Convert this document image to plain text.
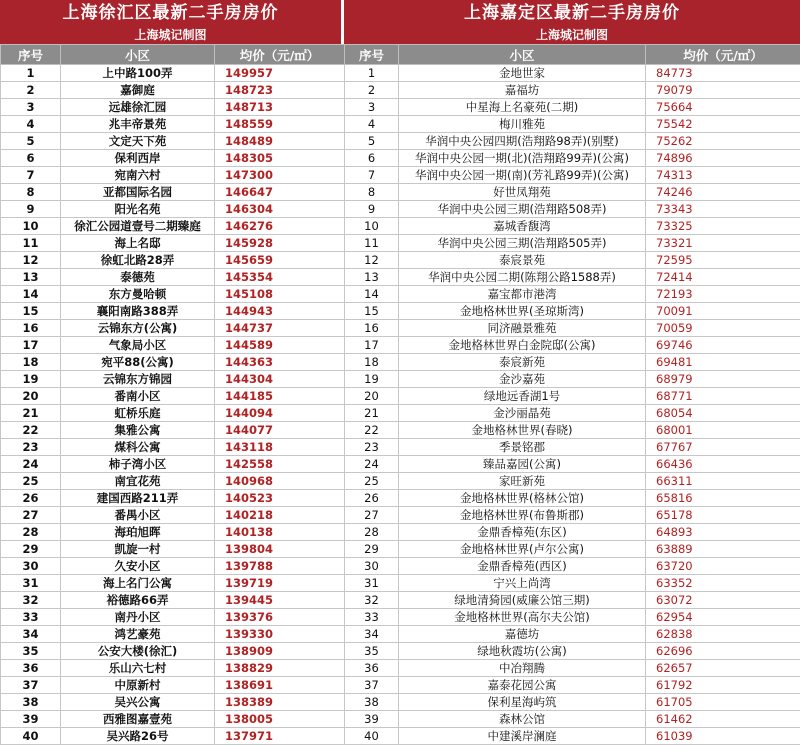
上海徐汇区最新二手房房价
上海城记制图
序号	小区	均价（元/㎡）
1	上中路100弄	149957
2	嘉御庭	148723
3	远雄徐汇园	148713
4	兆丰帝景苑	148559
5	文定天下苑	148489
6	保利西岸	148305
7	宛南六村	147300
8	亚都国际名园	146647
9	阳光名苑	146304
10	徐汇公园道壹号二期臻庭	146276
11	海上名邸	145928
12	徐虹北路28弄	145659
13	泰德苑	145354
14	东方曼哈顿	145108
15	襄阳南路388弄	144943
16	云锦东方(公寓)	144737
17	气象局小区	144589
18	宛平88(公寓)	144363
19	云锦东方锦园	144304
20	番南小区	144185
21	虹桥乐庭	144094
22	集雅公寓	144077
23	煤科公寓	143118
24	柿子湾小区	142558
25	南宜花苑	140968
26	建国西路211弄	140523
27	番禺小区	140218
28	海珀旭晖	140138
29	凯旋一村	139804
30	久安小区	139788
31	海上名门公寓	139719
32	裕德路66弄	139445
33	南丹小区	139376
34	鸿艺豪苑	139330
35	公安大楼(徐汇)	138909
36	乐山六七村	138829
37	中原新村	138691
38	吴兴公寓	138389
39	西雅图嘉壹苑	138005
40	吴兴路26号	137971
上海嘉定区最新二手房房价
上海城记制图
序号	小区	均价（元/㎡）
1	金地世家	84773
2	嘉福坊	79079
3	中星海上名豪苑(二期)	75664
4	梅川雅苑	75542
5	华润中央公园四期(浩翔路98弄)(别墅)	75262
6	华润中央公园一期(北)(浩翔路99弄)(公寓)	74896
7	华润中央公园一期(南)(芳礼路99弄)(公寓)	74313
8	好世凤翔苑	74246
9	华润中央公园三期(浩翔路508弄)	73343
10	嘉城香馥湾	73325
11	华润中央公园三期(浩翔路505弄)	73321
12	泰宸景苑	72595
13	华润中央公园二期(陈翔公路1588弄)	72414
14	嘉宝都市港湾	72193
15	金地格林世界(圣琼斯湾)	70091
16	同济融景雅苑	70059
17	金地格林世界白金院邸(公寓)	69746
18	泰宸新苑	69481
19	金沙嘉苑	68979
20	绿地远香湖1号	68771
21	金沙丽晶苑	68054
22	金地格林世界(春晓)	68001
23	季景铭郡	67767
24	臻品嘉园(公寓)	66436
25	家旺新苑	66311
26	金地格林世界(格林公馆)	65816
27	金地格林世界(布鲁斯郡)	65178
28	金鼎香樟苑(东区)	64893
29	金地格林世界(卢尔公寓)	63889
30	金鼎香樟苑(西区)	63720
31	宁兴上尚湾	63352
32	绿地清猗园(威廉公馆三期)	63072
33	金地格林世界(高尔夫公馆)	62954
34	嘉德坊	62838
35	绿地秋霞坊(公寓)	62696
36	中冶翔腾	62657
37	嘉泰花园公寓	61792
38	保利星海屿筑	61705
39	森林公馆	61462
40	中建溪岸澜庭	61039
